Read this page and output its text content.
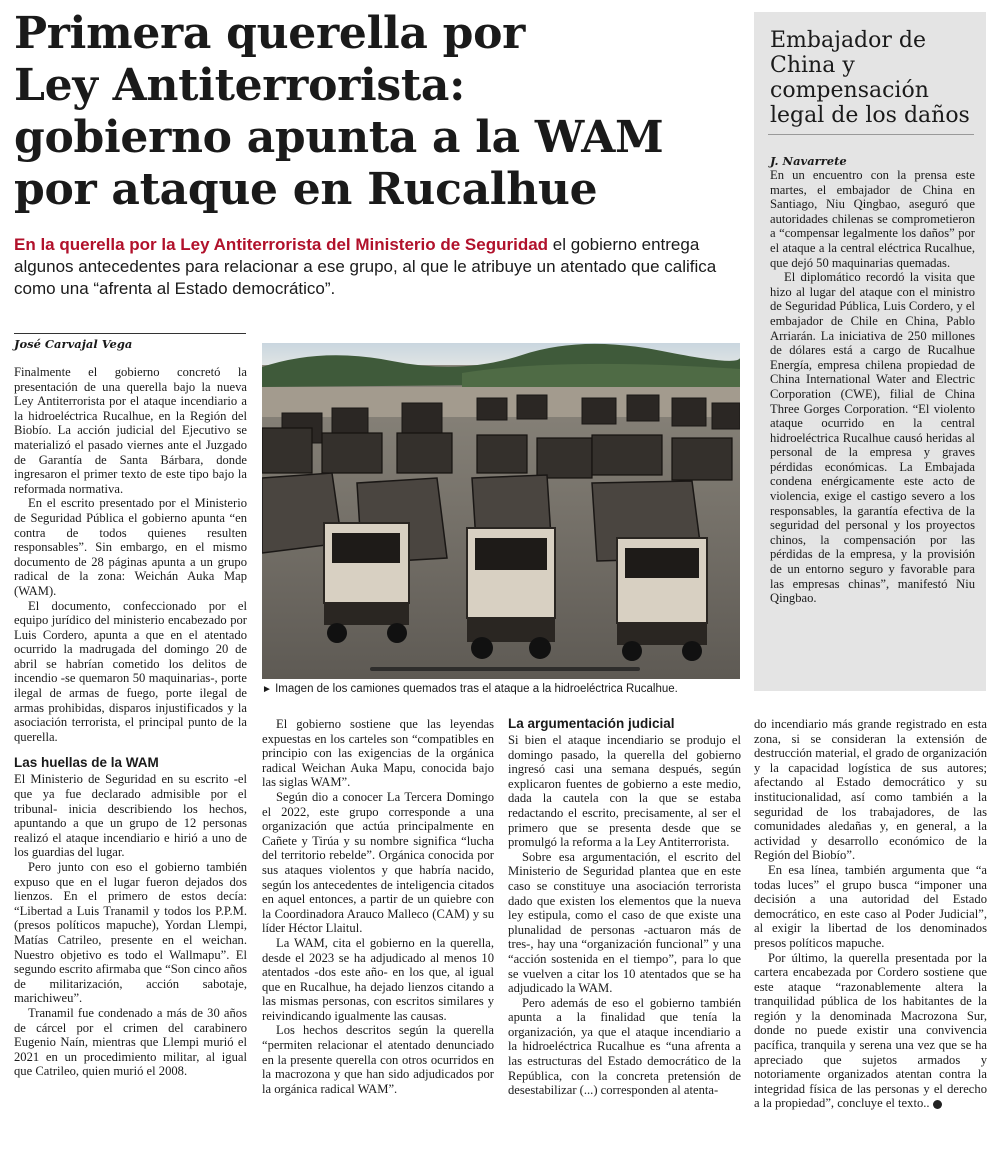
Primera querella por
Ley Antiterrorista:
gobierno apunta a la WAM
por ataque en Rucalhue

En la querella por la Ley Antiterrorista del Ministerio de Seguridad el gobierno entrega algunos antecedentes para relacionar a ese grupo, al que le atribuye un atentado que califica como una “afrenta al Estado democrático”.

José Carvajal Vega

Finalmente el gobierno concretó la presentación de una querella bajo la nueva Ley Antiterrorista por el ataque incendiario a la hidroeléctrica Rucalhue, en la Región del Biobío. La acción judicial del Ejecutivo se materializó el pasado viernes ante el Juzgado de Garantía de Santa Bárbara, donde ingresaron el primer texto de este tipo bajo la reformada normativa.

En el escrito presentado por el Ministerio de Seguridad Pública el gobierno apunta “en contra de todos quienes resulten responsables”. Sin embargo, en el mismo documento de 28 páginas apunta a un grupo radical de la zona: Weichán Auka Map (WAM).

El documento, confeccionado por el equipo jurídico del ministerio encabezado por Luis Cordero, apunta a que en el atentado ocurrido la madrugada del domingo 20 de abril se habrían cometido los delitos de incendio -se quemaron 50 maquinarias-, porte ilegal de armas de fuego, porte ilegal de armas prohibidas, disparos injustificados y la asociación terrorista, el principal punto de la querella.

Las huellas de la WAM

El Ministerio de Seguridad en su escrito -el que ya fue declarado admisible por el tribunal- inicia describiendo los hechos, apuntando a que un grupo de 12 personas realizó el ataque incendiario e hirió a uno de los guardias del lugar.

Pero junto con eso el gobierno también expuso que en el lugar fueron dejados dos lienzos. En el primero de estos decía: “Libertad a Luis Tranamil y todos los P.P.M. (presos políticos mapuche), Yordan Llempi, Matías Catrileo, presente en el weichan. Nuestro objetivo es todo el Wallmapu”. El segundo escrito afirmaba que “Son cinco años de militarización, acción sabotaje, marichiweu”.

Tranamil fue condenado a más de 30 años de cárcel por el crimen del carabinero Eugenio Naín, mientras que Llempi murió el 2021 en un procedimiento militar, al igual que Catrileo, quien murió el 2008.

► Imagen de los camiones quemados tras el ataque a la hidroeléctrica Rucalhue.

El gobierno sostiene que las leyendas expuestas en los carteles son “compatibles en principio con las exigencias de la orgánica radical Weichan Auka Mapu, conocida bajo las siglas WAM”.

Según dio a conocer La Tercera Domingo el 2022, este grupo corresponde a una organización que actúa principalmente en Cañete y Tirúa y su nombre significa “lucha del territorio rebelde”. Orgánica conocida por sus ataques violentos y que habría nacido, según los antecedentes de inteligencia citados en aquel entonces, a partir de un quiebre con la Coordinadora Arauco Malleco (CAM) y su líder Héctor Llaitul.

La WAM, cita el gobierno en la querella, desde el 2023 se ha adjudicado al menos 10 atentados -dos este año- en los que, al igual que en Rucalhue, ha dejado lienzos citando a las mismas personas, con escritos similares y reivindicando igualmente las causas.

Los hechos descritos según la querella “permiten relacionar el atentado denunciado en la presente querella con otros ocurridos en la macrozona y que han sido adjudicados por la orgánica radical WAM”.

La argumentación judicial

Si bien el ataque incendiario se produjo el domingo pasado, la querella del gobierno ingresó casi una semana después, según explicaron fuentes de gobierno a este medio, dada la cautela con la que se estaba redactando el escrito, precisamente, al ser el primero que se presenta desde que se promulgó la reforma a la Ley Antiterrorista.

Sobre esa argumentación, el escrito del Ministerio de Seguridad plantea que en este caso se constituye una asociación terrorista dado que existen los elementos que la nueva ley estipula, como el caso de que existe una plunalidad de personas -actuaron más de tres-, hay una “organización funcional” y una “acción sostenida en el tiempo”, para lo que se vuelven a citar los 10 atentados que se ha adjudicado la WAM.

Pero además de eso el gobierno también apunta a la finalidad que tenía la organización, ya que el ataque incendiario a la hidroeléctrica Rucalhue es “una afrenta a las estructuras del Estado democrático de la República, con la concreta pretensión de desestabilizar (...) corresponden al atenta-

do incendiario más grande registrado en esta zona, si se consideran la extensión de destrucción material, el grado de organización y la capacidad logística de sus autores; afectando al Estado democrático y su institucionalidad, así como también a la seguridad de los trabajadores, de las comunidades aledañas y, en general, a la actividad y desarrollo económico de la Región del Biobío”.

En esa línea, también argumenta que “a todas luces” el grupo busca “imponer una decisión a una autoridad del Estado democrático, en este caso al Poder Judicial”, al exigir la libertad de los denominados presos políticos mapuche.

Por último, la querella presentada por la cartera encabezada por Cordero sostiene que este ataque “razonablemente altera la tranquilidad pública de los habitantes de la región y la denominada Macrozona Sur, donde no puede existir una convivencia pacífica, tranquila y serena una vez que se ha apreciado que sujetos armados y notoriamente organizados atentan contra la integridad física de las personas y el derecho a la propiedad”, concluye el texto..

Embajador de China y compensación legal de los daños
J. Navarrete

En un encuentro con la prensa este martes, el embajador de China en Santiago, Niu Qingbao, aseguró que autoridades chilenas se comprometieron a “compensar legalmente los daños” por el ataque a la central eléctrica Rucalhue, que dejó 50 maquinarias quemadas.

El diplomático recordó la visita que hizo al lugar del ataque con el ministro de Seguridad Pública, Luis Cordero, y el embajador de Chile en China, Pablo Arriarán. La iniciativa de 250 millones de dólares está a cargo de Rucalhue Energía, empresa chilena propiedad de China International Water and Electric Corporation (CWE), filial de China Three Gorges Corporation. “El violento ataque ocurrido en la central hidroeléctrica Rucalhue causó heridas al personal de la empresa y graves pérdidas económicas. La Embajada condena enérgicamente este acto de violencia, exige el castigo severo a los responsables, la garantía efectiva de la seguridad del personal y los proyectos chinos, la compensación por las pérdidas de la empresa, y la provisión de un entorno seguro y favorable para las empresas chinas”, manifestó Niu Qingbao.
